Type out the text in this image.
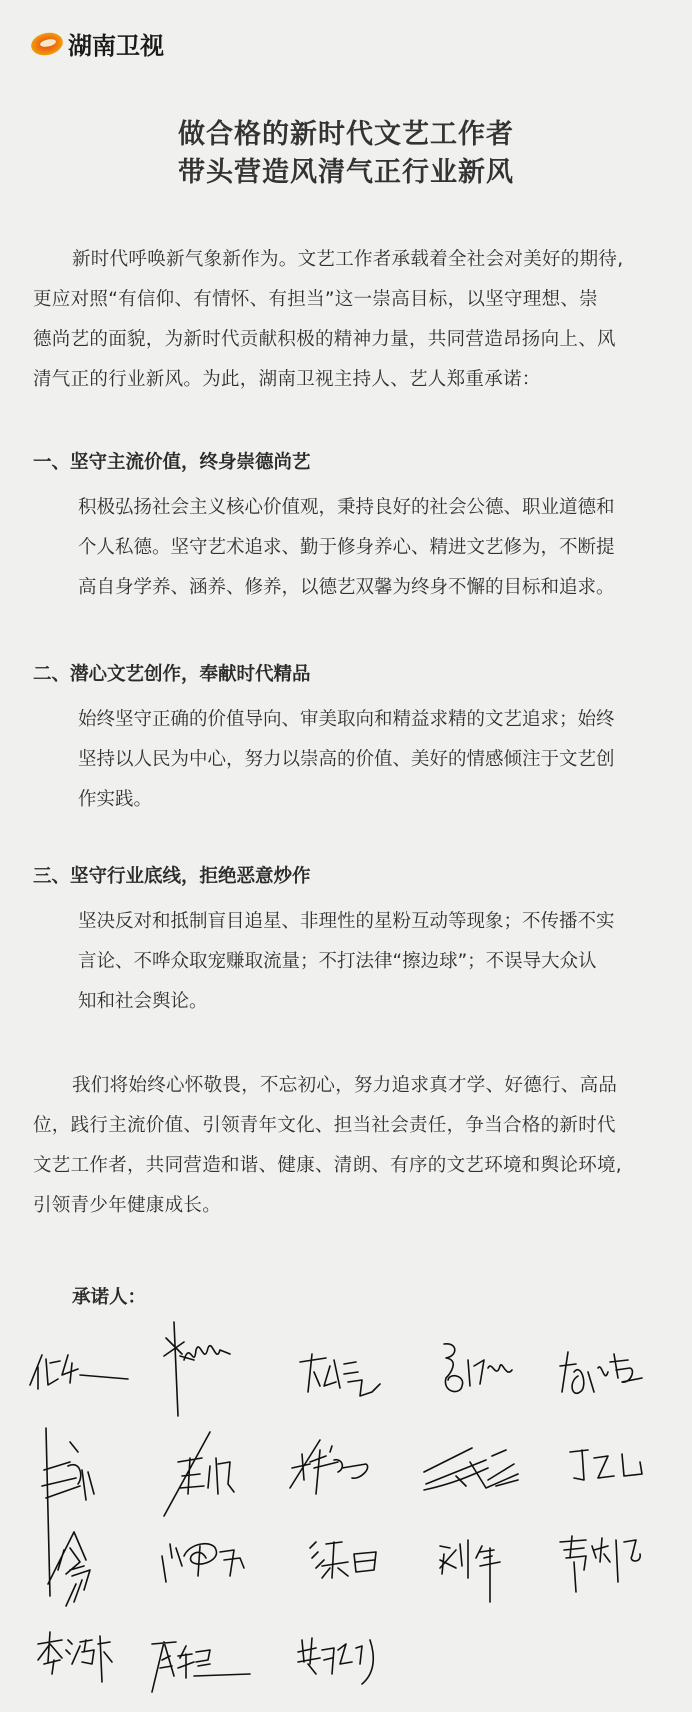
湖南卫视
做合格的新时代文艺工作者
带头营造风清气正行业新风
新时代呼唤新气象新作为。文艺工作者承载着全社会对美好的期待,
更应对照“有信仰、有情怀、有担当”这一崇高目标，以坚守理想、崇
德尚艺的面貌，为新时代贡献积极的精神力量，共同营造昂扬向上、风
清气正的行业新风。为此，湖南卫视主持人、艺人郑重承诺：
一、坚守主流价值，终身崇德尚艺
积极弘扬社会主义核心价值观，秉持良好的社会公德、职业道德和
个人私德。坚守艺术追求、勤于修身养心、精进文艺修为，不断提
高自身学养、涵养、修养，以德艺双馨为终身不懈的目标和追求。
二、潜心文艺创作，奉献时代精品
始终坚守正确的价值导向、审美取向和精益求精的文艺追求；始终
坚持以人民为中心，努力以崇高的价值、美好的情感倾注于文艺创
作实践。
三、坚守行业底线，拒绝恶意炒作
坚决反对和抵制盲目追星、非理性的星粉互动等现象；不传播不实
言论、不哗众取宠赚取流量；不打法律“擦边球”；不误导大众认
知和社会舆论。
我们将始终心怀敬畏，不忘初心，努力追求真才学、好德行、高品
位，践行主流价值、引领青年文化、担当社会责任，争当合格的新时代
文艺工作者，共同营造和谐、健康、清朗、有序的文艺环境和舆论环境,
引领青少年健康成长。
承诺人：
